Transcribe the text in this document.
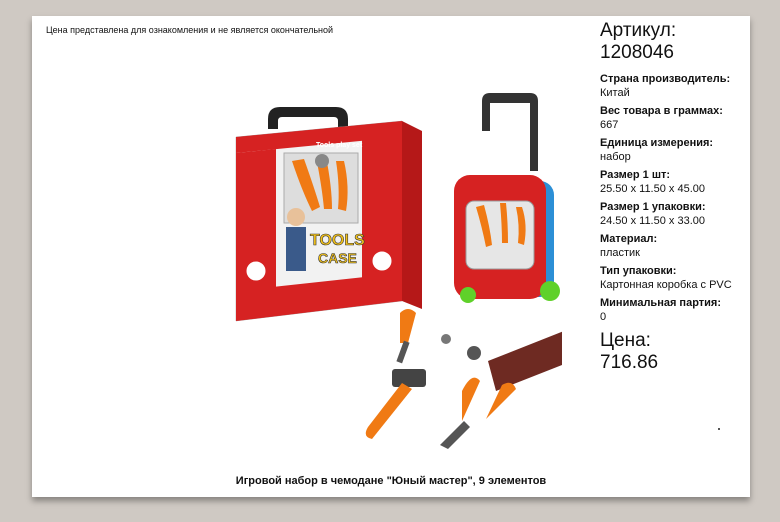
Цена представлена для ознакомления и не является окончательной
TOOLS
CASE
Tools play set
Игровой набор в чемодане "Юный мастер", 9 элементов
Артикул:
1208046
Страна производитель:
Китай
Вес товара в граммах:
667
Единица измерения:
набор
Размер 1 шт:
25.50 x 11.50 x 45.00
Размер 1 упаковки:
24.50 x 11.50 x 33.00
Материал:
пластик
Тип упаковки:
Картонная коробка с PVC
Минимальная партия:
0
Цена:
716.86
